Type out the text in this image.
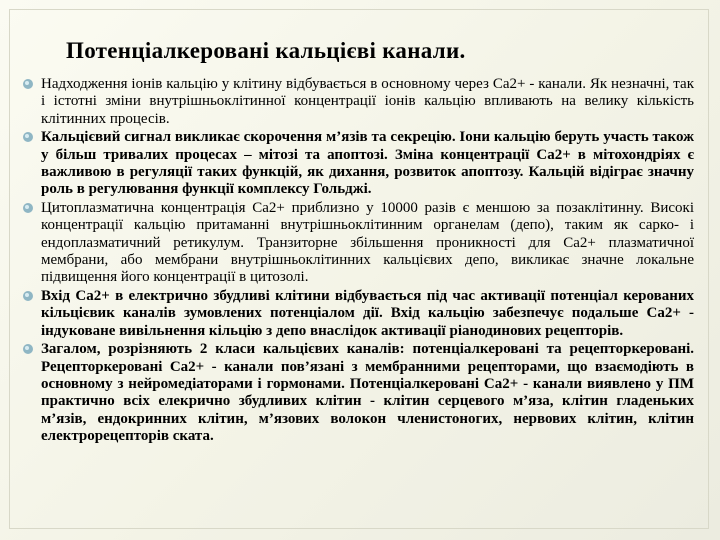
Потенціалкеровані кальцієві канали.

Надходження іонів кальцію у клітину відбувається в основному через Ca2+ - канали. Як незначні, так і істотні зміни внутрішньоклітинної концентрації іонів кальцію впливають на велику кількість клітинних процесів.

Кальцієвий сигнал викликає скорочення м’язів та секрецію. Іони кальцію беруть участь також у більш тривалих процесах – мітозі та апоптозі. Зміна концентрації Ca2+ в мітохондріях є важливою в регуляції таких функцій, як дихання, розвиток апоптозу. Кальцій відіграє значну роль в регулювання функції комплексу Гольджі.

Цитоплазматична концентрація Ca2+ приблизно у 10000 разів є меншою за позаклітинну. Високі концентрації кальцію притаманні внутрішньоклітинним органелам (депо), таким як сарко- і ендоплазматичний ретикулум. Транзиторне збільшення проникності для Ca2+ плазматичної мембрани, або мембрани внутрішньоклітинних кальцієвих депо, викликає значне локальне підвищення його концентрації в цитозолі.

Вхід Ca2+ в електрично збудливі клітини відбувається під час активації потенціал керованих кільцієвик каналів зумовлених потенціалом дії. Вхід кальцію забезпечує подальше Ca2+ - індуковане вивільнення кільцію з депо внаслідок активації ріанодинових рецепторів.

Загалом, розрізняють 2 класи кальцієвих каналів: потенціалкеровані та рецепторкеровані. Рецепторкеровані Ca2+ - канали пов’язані з мембранними рецепторами, що взаємодіють в основному з нейромедіаторами і гормонами. Потенціалкеровані Ca2+ - канали виявлено у ПМ практично всіх елекричнo збудливих клітин - клітин серцевого м’яза, клітин гладеньких м’язів, ендокринних клітин, м’язових волокон членистоногих, нервових клітин, клітин електрорецепторів ската.
